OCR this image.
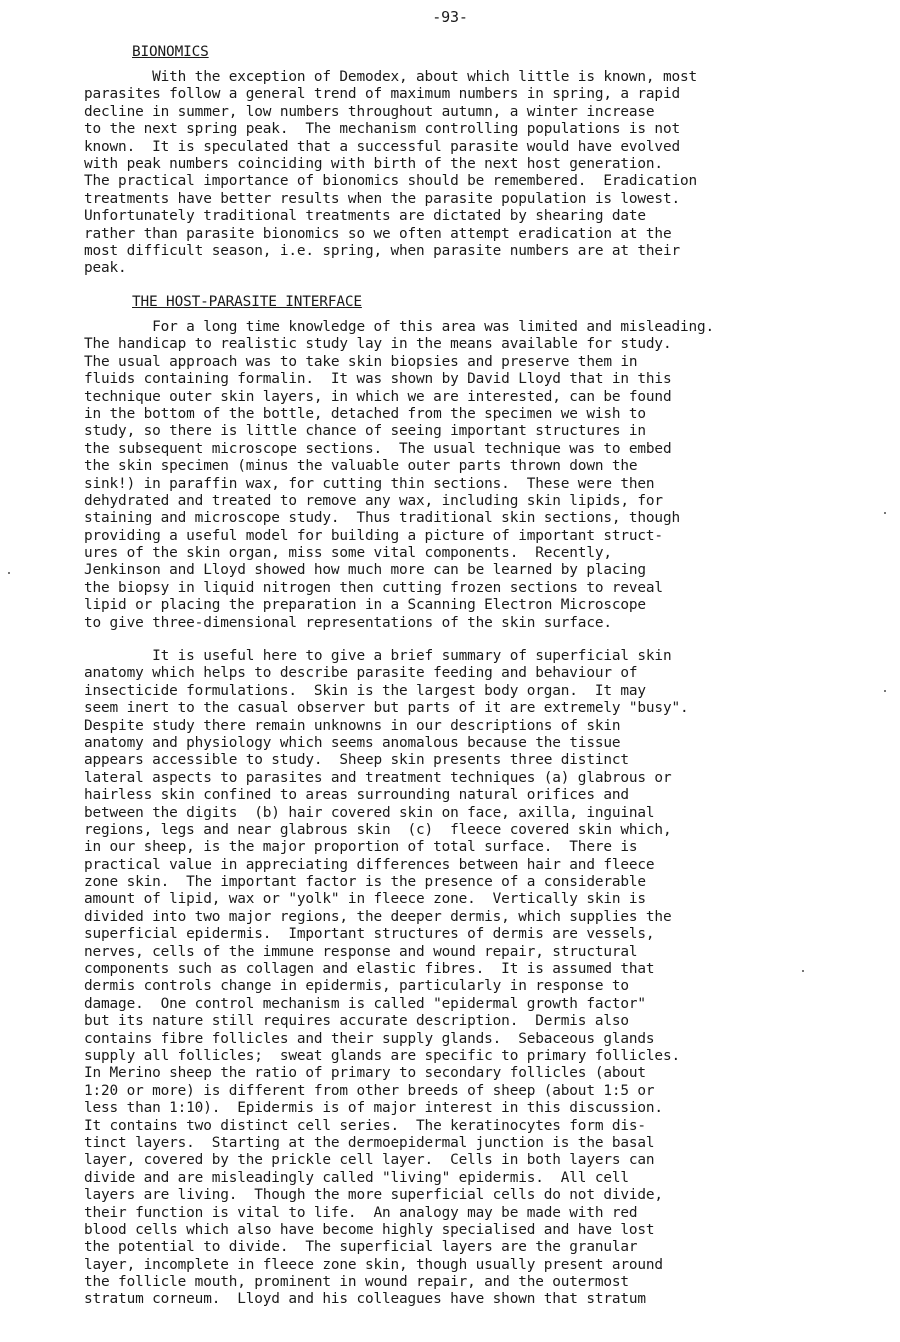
-93-
BIONOMICS
With the exception of Demodex, about which little is known, most
parasites follow a general trend of maximum numbers in spring, a rapid
decline in summer, low numbers throughout autumn, a winter increase
to the next spring peak.  The mechanism controlling populations is not
known.  It is speculated that a successful parasite would have evolved
with peak numbers coinciding with birth of the next host generation.
The practical importance of bionomics should be remembered.  Eradication
treatments have better results when the parasite population is lowest.
Unfortunately traditional treatments are dictated by shearing date
rather than parasite bionomics so we often attempt eradication at the
most difficult season, i.e. spring, when parasite numbers are at their
peak.
THE HOST-PARASITE INTERFACE
For a long time knowledge of this area was limited and misleading.
The handicap to realistic study lay in the means available for study.
The usual approach was to take skin biopsies and preserve them in
fluids containing formalin.  It was shown by David Lloyd that in this
technique outer skin layers, in which we are interested, can be found
in the bottom of the bottle, detached from the specimen we wish to
study, so there is little chance of seeing important structures in
the subsequent microscope sections.  The usual technique was to embed
the skin specimen (minus the valuable outer parts thrown down the
sink!) in paraffin wax, for cutting thin sections.  These were then
dehydrated and treated to remove any wax, including skin lipids, for
staining and microscope study.  Thus traditional skin sections, though
providing a useful model for building a picture of important struct-
ures of the skin organ, miss some vital components.  Recently,
Jenkinson and Lloyd showed how much more can be learned by placing
the biopsy in liquid nitrogen then cutting frozen sections to reveal
lipid or placing the preparation in a Scanning Electron Microscope
to give three-dimensional representations of the skin surface.
It is useful here to give a brief summary of superficial skin
anatomy which helps to describe parasite feeding and behaviour of
insecticide formulations.  Skin is the largest body organ.  It may
seem inert to the casual observer but parts of it are extremely "busy".
Despite study there remain unknowns in our descriptions of skin
anatomy and physiology which seems anomalous because the tissue
appears accessible to study.  Sheep skin presents three distinct
lateral aspects to parasites and treatment techniques (a) glabrous or
hairless skin confined to areas surrounding natural orifices and
between the digits  (b) hair covered skin on face, axilla, inguinal
regions, legs and near glabrous skin  (c)  fleece covered skin which,
in our sheep, is the major proportion of total surface.  There is
practical value in appreciating differences between hair and fleece
zone skin.  The important factor is the presence of a considerable
amount of lipid, wax or "yolk" in fleece zone.  Vertically skin is
divided into two major regions, the deeper dermis, which supplies the
superficial epidermis.  Important structures of dermis are vessels,
nerves, cells of the immune response and wound repair, structural
components such as collagen and elastic fibres.  It is assumed that
dermis controls change in epidermis, particularly in response to
damage.  One control mechanism is called "epidermal growth factor"
but its nature still requires accurate description.  Dermis also
contains fibre follicles and their supply glands.  Sebaceous glands
supply all follicles;  sweat glands are specific to primary follicles.
In Merino sheep the ratio of primary to secondary follicles (about
1:20 or more) is different from other breeds of sheep (about 1:5 or
less than 1:10).  Epidermis is of major interest in this discussion.
It contains two distinct cell series.  The keratinocytes form dis-
tinct layers.  Starting at the dermoepidermal junction is the basal
layer, covered by the prickle cell layer.  Cells in both layers can
divide and are misleadingly called "living" epidermis.  All cell
layers are living.  Though the more superficial cells do not divide,
their function is vital to life.  An analogy may be made with red
blood cells which also have become highly specialised and have lost
the potential to divide.  The superficial layers are the granular
layer, incomplete in fleece zone skin, though usually present around
the follicle mouth, prominent in wound repair, and the outermost
stratum corneum.  Lloyd and his colleagues have shown that stratum
